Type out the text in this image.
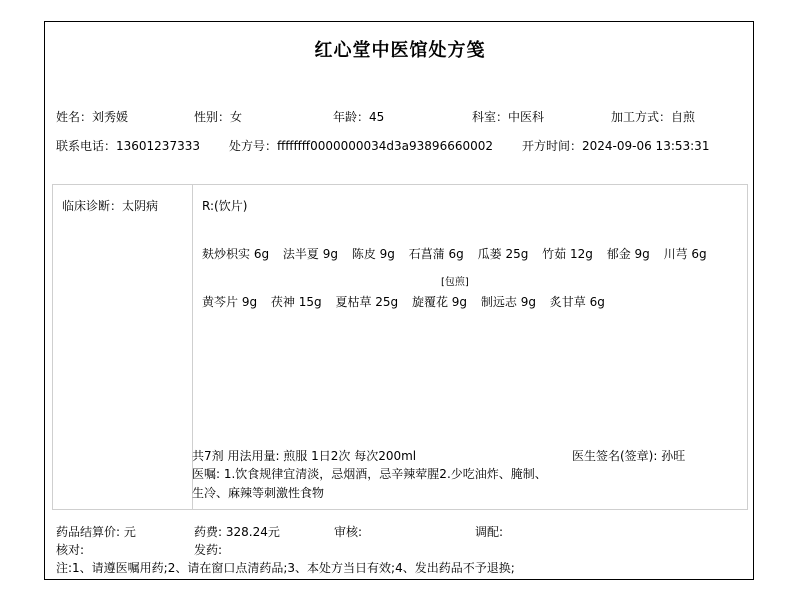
红心堂中医馆处方笺
姓名：刘秀媛	性别：女	年龄：45	科室：中医科	加工方式：自煎
联系电话：13601237333 处方号：ffffffff0000000034d3a93896660002 开方时间：2024-09-06 13:53:31
临床诊断：太阴病	R:(饮片)
麸炒枳实 6g 法半夏 9g 陈皮 9g 石菖蒲 6g 瓜蒌 25g 竹茹 12g 郁金 9g 川芎 6g
[包煎]
黄芩片 9g 茯神 15g 夏枯草 25g 旋覆花 9g 制远志 9g 炙甘草 6g
共7剂 用法用量: 煎服 1日2次 每次200ml	医生签名(签章): 孙旺
医嘱: 1.饮食规律宜清淡，忌烟酒，忌辛辣荤腥2.少吃油炸、腌制、
生冷、麻辣等刺激性食物
药品结算价: 元	药费: 328.24元	审核:	调配:
核对:	发药:
注:1、请遵医嘱用药;2、请在窗口点清药品;3、本处方当日有效;4、发出药品不予退换;
